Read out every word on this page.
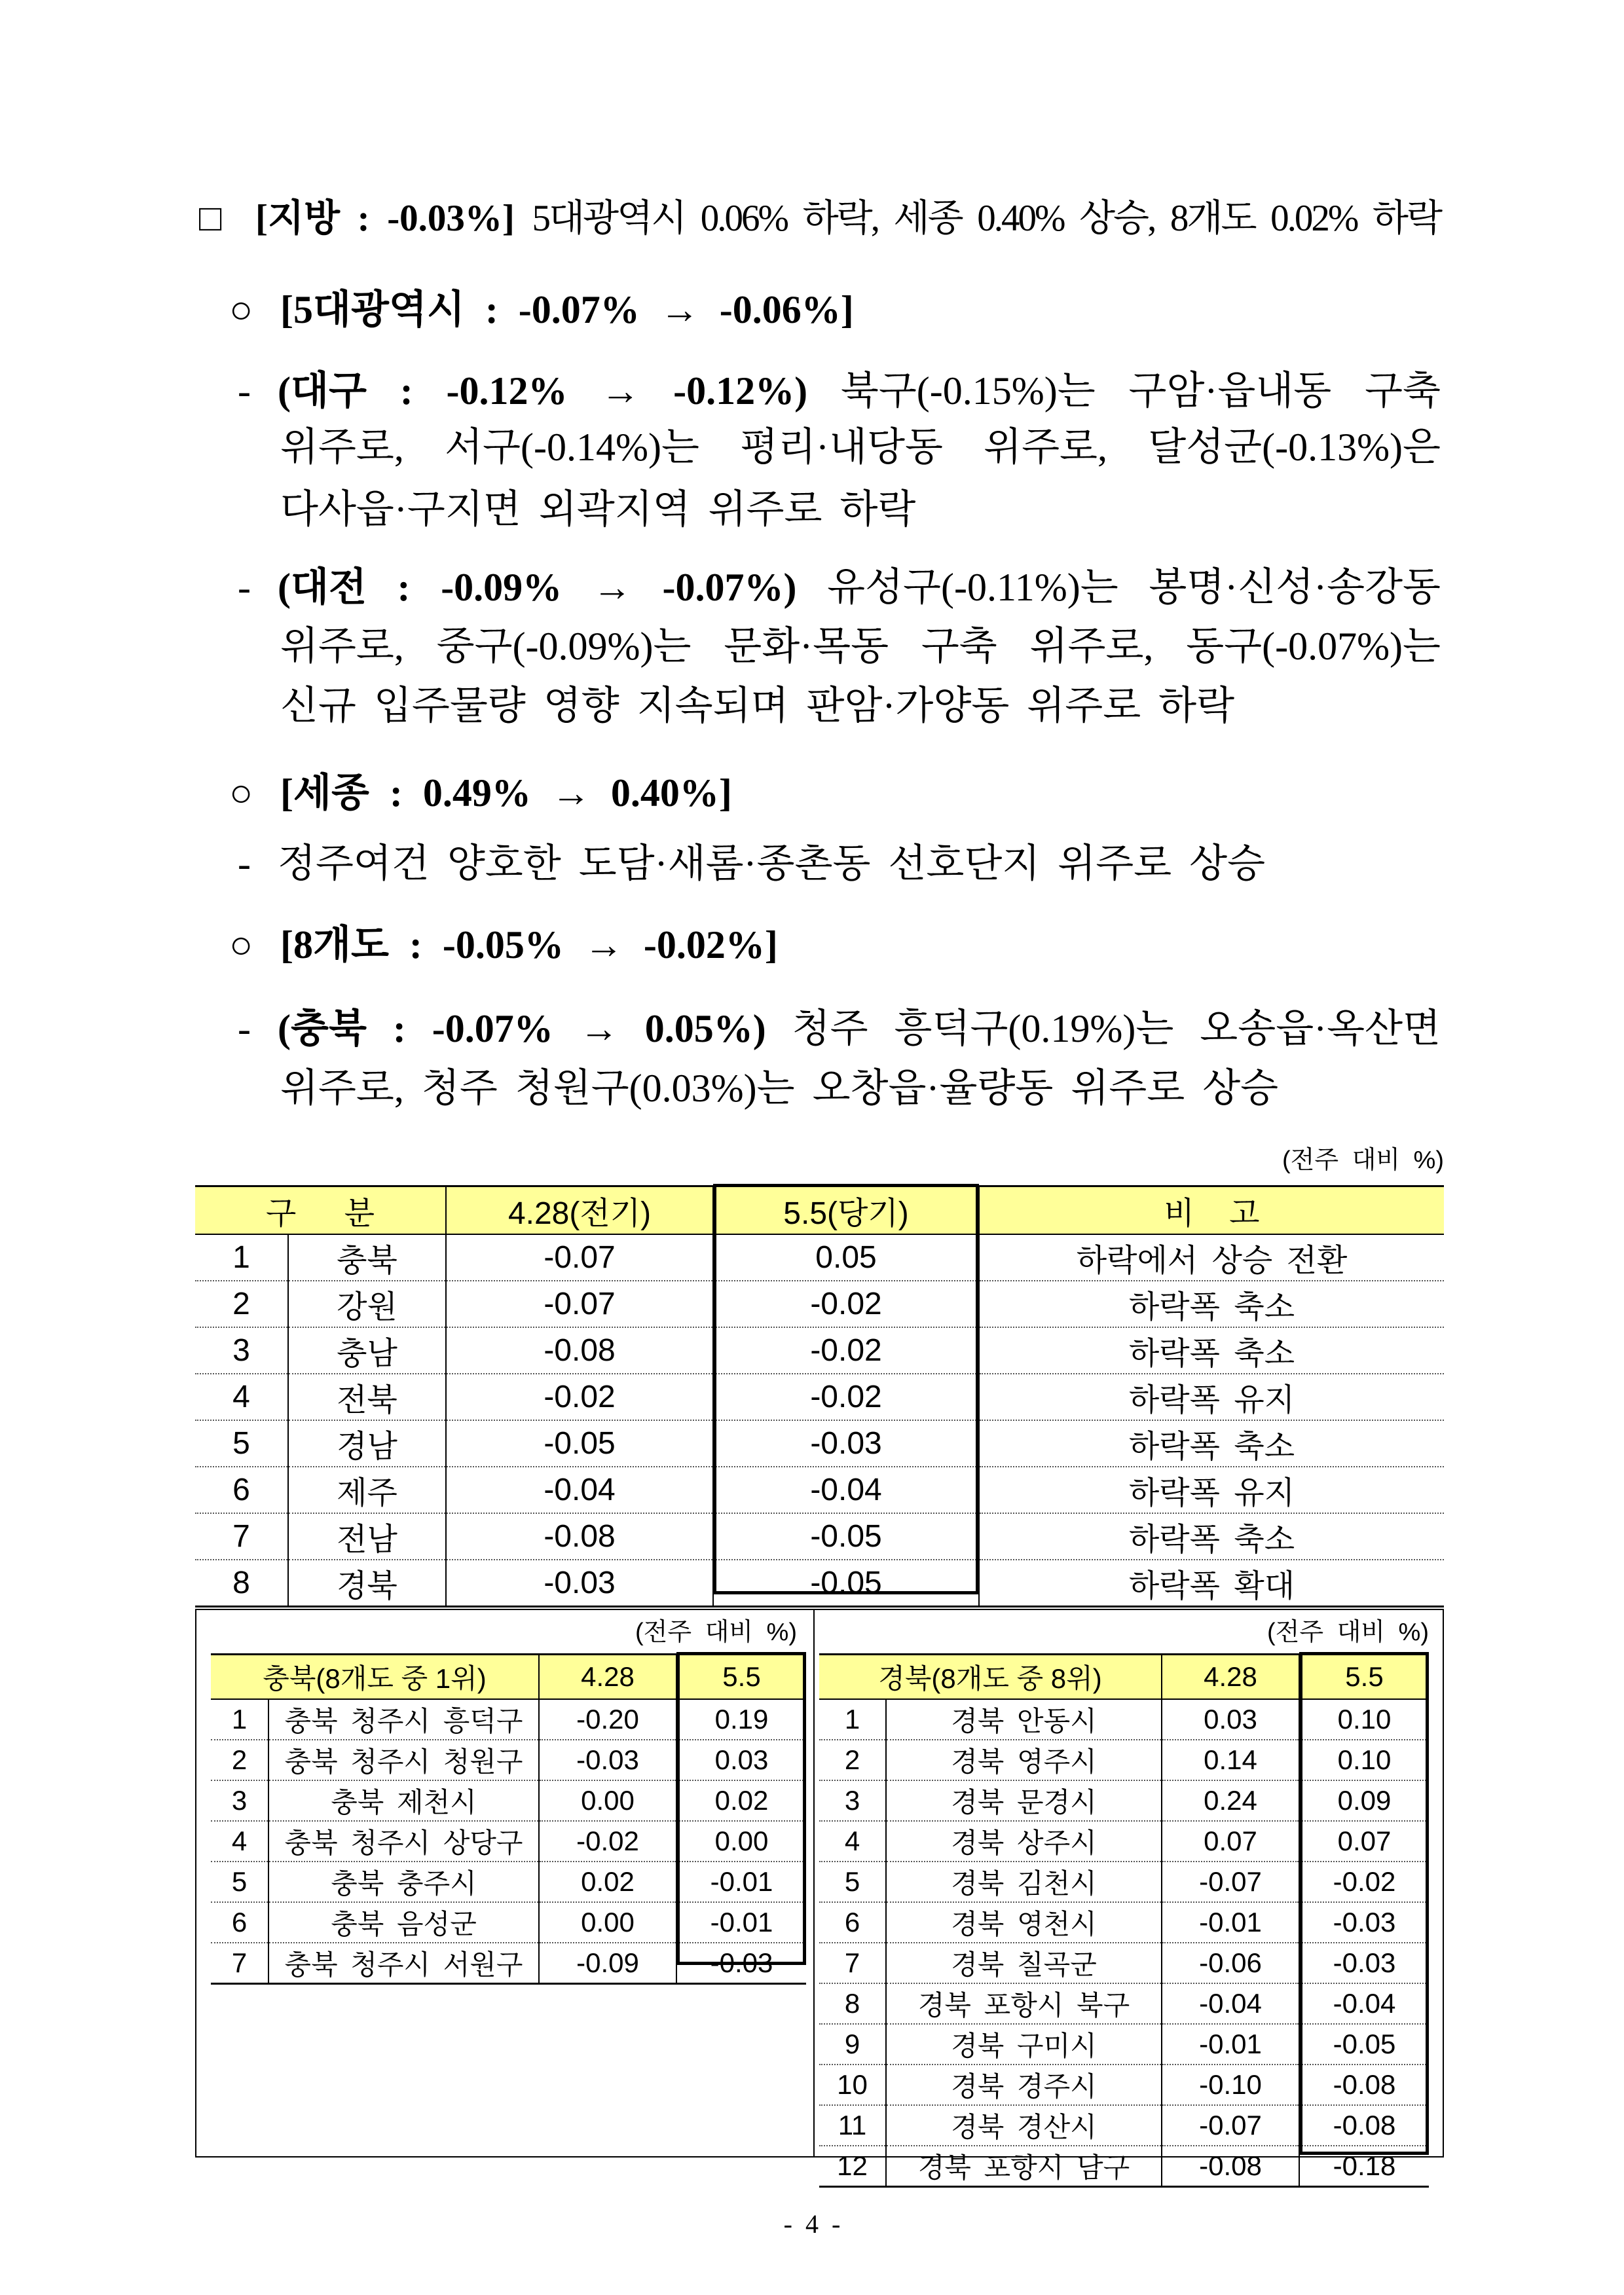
□ [지방 : -0.03%] 5대광역시 0.06% 하락, 세종 0.40% 상승, 8개도 0.02% 하락
○ [5대광역시 : -0.07% → -0.06%]
- (대구 : -0.12% → -0.12%) 북구(-0.15%)는 구암·읍내동 구축
위주로, 서구(-0.14%)는 평리·내당동 위주로, 달성군(-0.13%)은
다사읍·구지면 외곽지역 위주로 하락
- (대전 : -0.09% → -0.07%) 유성구(-0.11%)는 봉명·신성·송강동
위주로, 중구(-0.09%)는 문화·목동 구축 위주로, 동구(-0.07%)는
신규 입주물량 영향 지속되며 판암·가양동 위주로 하락
○ [세종 : 0.49% → 0.40%]
- 정주여건 양호한 도담·새롬·종촌동 선호단지 위주로 상승
○ [8개도 : -0.05% → -0.02%]
- (충북 : -0.07% → 0.05%) 청주 흥덕구(0.19%)는 오송읍·옥산면
위주로, 청주 청원구(0.03%)는 오창읍·율량동 위주로 상승
(전주 대비 %)
구 분		4.28(전기)	5.5(당기)	비 고
1	충북	-0.07	0.05	하락에서 상승 전환
2	강원	-0.07	-0.02	하락폭 축소
3	충남	-0.08	-0.02	하락폭 축소
4	전북	-0.02	-0.02	하락폭 유지
5	경남	-0.05	-0.03	하락폭 축소
6	제주	-0.04	-0.04	하락폭 유지
7	전남	-0.08	-0.05	하락폭 축소
8	경북	-0.03	-0.05	하락폭 확대
(전주 대비 %)
충북(8개도 중 1위)		4.28	5.5
1	충북 청주시 흥덕구	-0.20	0.19
2	충북 청주시 청원구	-0.03	0.03
3	충북 제천시	0.00	0.02
4	충북 청주시 상당구	-0.02	0.00
5	충북 충주시	0.02	-0.01
6	충북 음성군	0.00	-0.01
7	충북 청주시 서원구	-0.09	-0.03
(전주 대비 %)
경북(8개도 중 8위)		4.28	5.5
1	경북 안동시	0.03	0.10
2	경북 영주시	0.14	0.10
3	경북 문경시	0.24	0.09
4	경북 상주시	0.07	0.07
5	경북 김천시	-0.07	-0.02
6	경북 영천시	-0.01	-0.03
7	경북 칠곡군	-0.06	-0.03
8	경북 포항시 북구	-0.04	-0.04
9	경북 구미시	-0.01	-0.05
10	경북 경주시	-0.10	-0.08
11	경북 경산시	-0.07	-0.08
12	경북 포항시 남구	-0.08	-0.18
- 4 -
